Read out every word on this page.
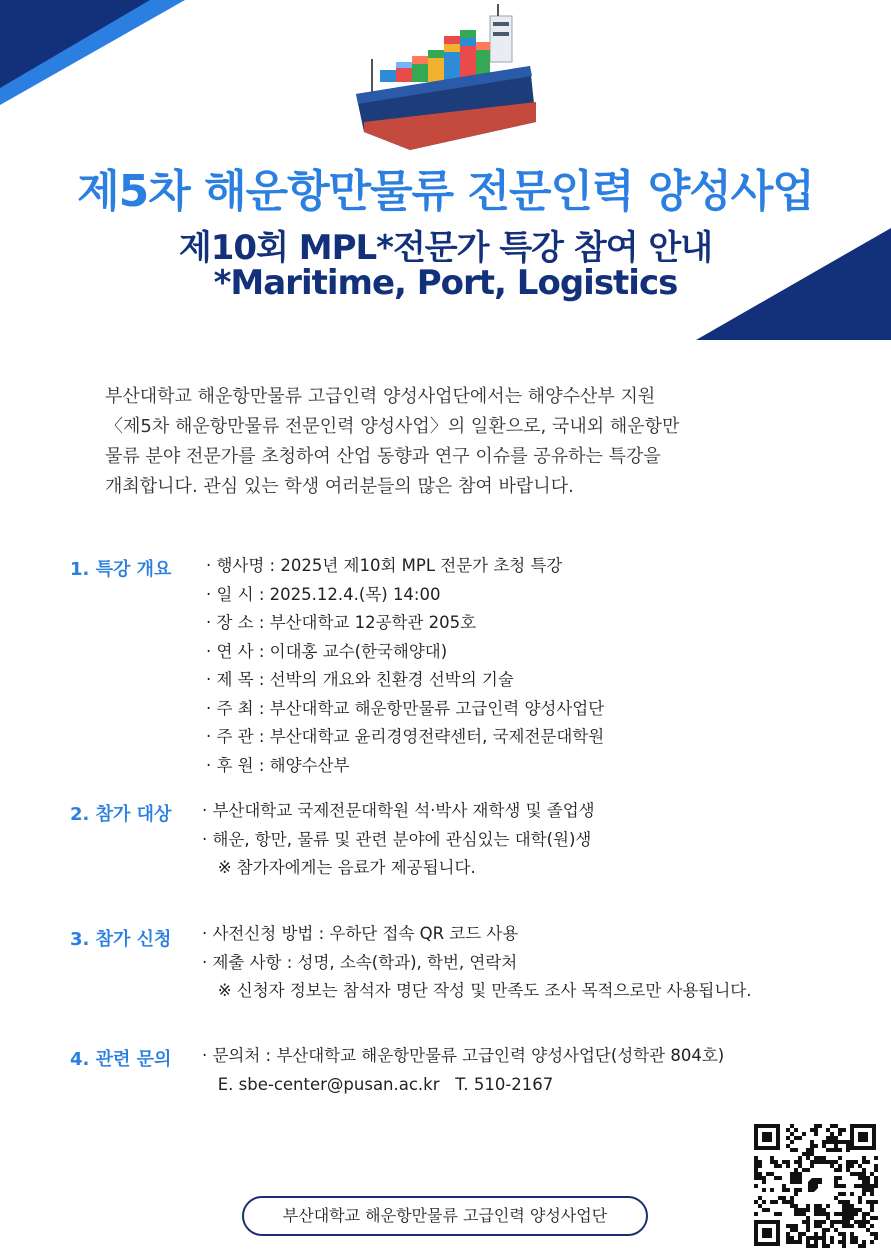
제5차 해운항만물류 전문인력 양성사업
제10회 MPL*전문가 특강 참여 안내
*Maritime, Port, Logistics
부산대학교 해운항만물류 고급인력 양성사업단에서는 해양수산부 지원
〈제5차 해운항만물류 전문인력 양성사업〉의 일환으로, 국내외 해운항만
물류 분야 전문가를 초청하여 산업 동향과 연구 이슈를 공유하는 특강을
개최합니다. 관심 있는 학생 여러분들의 많은 참여 바랍니다.
1. 특강 개요 · 행사명 : 2025년 제10회 MPL 전문가 초청 특강
· 일 시 : 2025.12.4.(목) 14:00
· 장 소 : 부산대학교 12공학관 205호
· 연 사 : 이대홍 교수(한국해양대)
· 제 목 : 선박의 개요와 친환경 선박의 기술
· 주 최 : 부산대학교 해운항만물류 고급인력 양성사업단
· 주 관 : 부산대학교 윤리경영전략센터, 국제전문대학원
· 후 원 : 해양수산부
2. 참가 대상 · 부산대학교 국제전문대학원 석·박사 재학생 및 졸업생
· 해운, 항만, 물류 및 관련 분야에 관심있는 대학(원)생
※ 참가자에게는 음료가 제공됩니다.
3. 참가 신청 · 사전신청 방법 : 우하단 접속 QR 코드 사용
· 제출 사항 : 성명, 소속(학과), 학번, 연락처
※ 신청자 정보는 참석자 명단 작성 및 만족도 조사 목적으로만 사용됩니다.
4. 관련 문의 · 문의처 : 부산대학교 해운항만물류 고급인력 양성사업단(성학관 804호)
E. sbe-center@pusan.ac.kr   T. 510-2167
부산대학교 해운항만물류 고급인력 양성사업단
